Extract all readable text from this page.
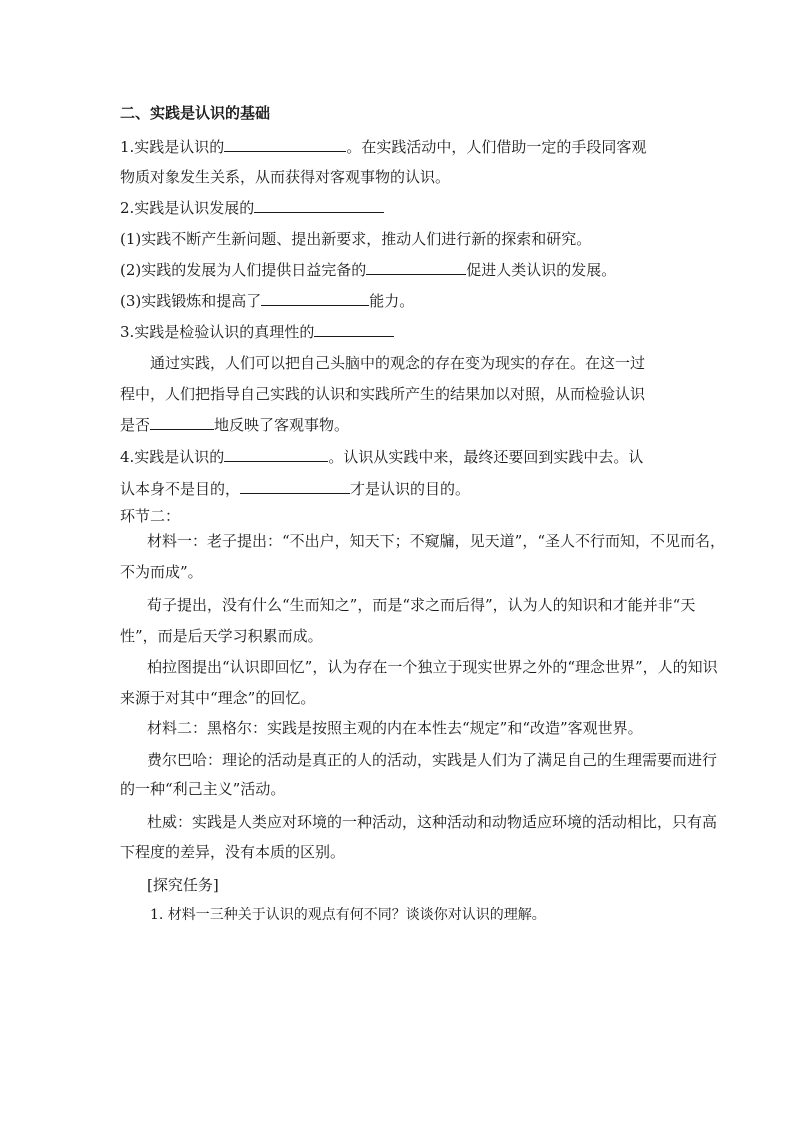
二、实践是认识的基础
1.实践是认识的	。在实践活动中，人们借助一定的手段同客观
物质对象发生关系，从而获得对客观事物的认识。
2.实践是认识发展的
(1)实践不断产生新问题、提出新要求，推动人们进行新的探索和研究。
(2)实践的发展为人们提供日益完备的	促进人类认识的发展。
(3)实践锻炼和提高了	能力。
3.实践是检验认识的真理性的
通过实践，人们可以把自己头脑中的观念的存在变为现实的存在。在这一过
程中，人们把指导自己实践的认识和实践所产生的结果加以对照，从而检验认识
是否	地反映了客观事物。
4.实践是认识的	。认识从实践中来，最终还要回到实践中去。认
认本身不是目的，	才是认识的目的。
环节二：
材料一：老子提出：“不出户，知天下；不窥牖，见天道”，“圣人不行而知，不见而名，
不为而成”。
荀子提出，没有什么“生而知之”，而是“求之而后得”，认为人的知识和才能并非“天
性”，而是后天学习积累而成。
柏拉图提出“认识即回忆”，认为存在一个独立于现实世界之外的“理念世界”，人的知识
来源于对其中“理念”的回忆。
材料二：黑格尔：实践是按照主观的内在本性去“规定”和“改造”客观世界。
费尔巴哈：理论的活动是真正的人的活动，实践是人们为了满足自己的生理需要而进行
的一种“利己主义”活动。
杜威：实践是人类应对环境的一种活动，这种活动和动物适应环境的活动相比，只有高
下程度的差异，没有本质的区别。
[探究任务]
1. 材料一三种关于认识的观点有何不同？谈谈你对认识的理解。
